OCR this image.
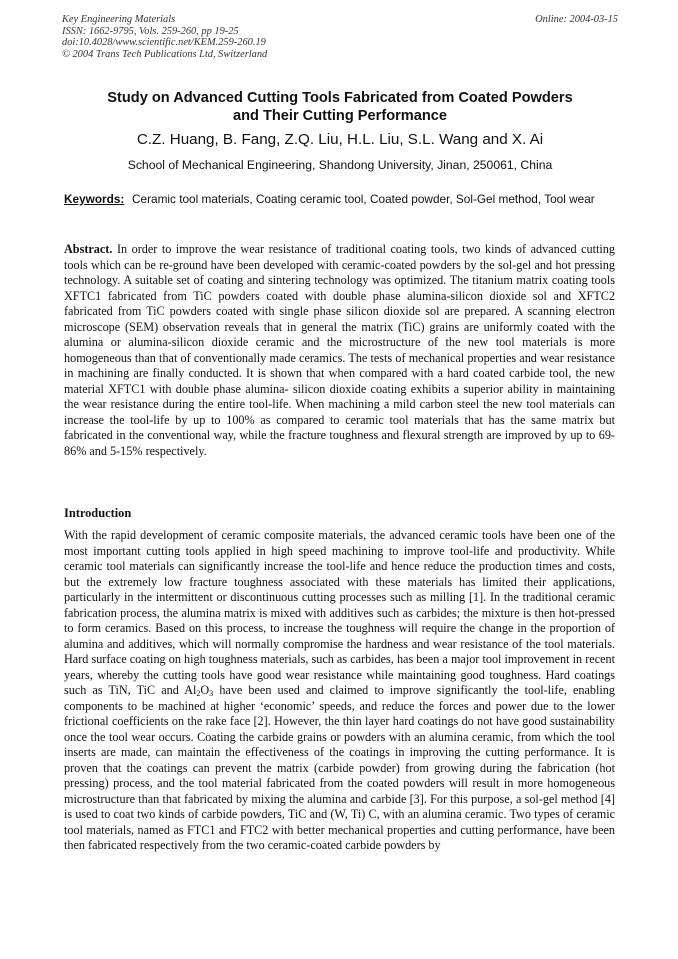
Key Engineering Materials
ISSN: 1662-9795, Vols. 259-260, pp 19-25
doi:10.4028/www.scientific.net/KEM.259-260.19
© 2004 Trans Tech Publications Ltd, Switzerland
Online: 2004-03-15
Study on Advanced Cutting Tools Fabricated from Coated Powders
and Their Cutting Performance
C.Z. Huang, B. Fang, Z.Q. Liu, H.L. Liu, S.L. Wang and X. Ai
School of Mechanical Engineering, Shandong University, Jinan, 250061, China
Keywords: Ceramic tool materials, Coating ceramic tool, Coated powder, Sol-Gel method, Tool wear
Abstract. In order to improve the wear resistance of traditional coating tools, two kinds of advanced cutting tools which can be re-ground have been developed with ceramic-coated powders by the sol-gel and hot pressing technology. A suitable set of coating and sintering technology was optimized. The titanium matrix coating tools XFTC1 fabricated from TiC powders coated with double phase alumina-silicon dioxide sol and XFTC2 fabricated from TiC powders coated with single phase silicon dioxide sol are prepared. A scanning electron microscope (SEM) observation reveals that in general the matrix (TiC) grains are uniformly coated with the alumina or alumina-silicon dioxide ceramic and the microstructure of the new tool materials is more homogeneous than that of conventionally made ceramics. The tests of mechanical properties and wear resistance in machining are finally conducted. It is shown that when compared with a hard coated carbide tool, the new material XFTC1 with double phase alumina- silicon dioxide coating exhibits a superior ability in maintaining the wear resistance during the entire tool-life. When machining a mild carbon steel the new tool materials can increase the tool-life by up to 100% as compared to ceramic tool materials that has the same matrix but fabricated in the conventional way, while the fracture toughness and flexural strength are improved by up to 69-86% and 5-15% respectively.
Introduction
With the rapid development of ceramic composite materials, the advanced ceramic tools have been one of the most important cutting tools applied in high speed machining to improve tool-life and productivity. While ceramic tool materials can significantly increase the tool-life and hence reduce the production times and costs, but the extremely low fracture toughness associated with these materials has limited their applications, particularly in the intermittent or discontinuous cutting processes such as milling [1]. In the traditional ceramic fabrication process, the alumina matrix is mixed with additives such as carbides; the mixture is then hot-pressed to form ceramics. Based on this process, to increase the toughness will require the change in the proportion of alumina and additives, which will normally compromise the hardness and wear resistance of the tool materials. Hard surface coating on high toughness materials, such as carbides, has been a major tool improvement in recent years, whereby the cutting tools have good wear resistance while maintaining good toughness. Hard coatings such as TiN, TiC and $Al_2O_3$ have been used and claimed to improve significantly the tool-life, enabling components to be machined at higher ‘economic’ speeds, and reduce the forces and power due to the lower frictional coefficients on the rake face [2]. However, the thin layer hard coatings do not have good sustainability once the tool wear occurs. Coating the carbide grains or powders with an alumina ceramic, from which the tool inserts are made, can maintain the effectiveness of the coatings in improving the cutting performance. It is proven that the coatings can prevent the matrix (carbide powder) from growing during the fabrication (hot pressing) process, and the tool material fabricated from the coated powders will result in more homogeneous microstructure than that fabricated by mixing the alumina and carbide [3]. For this purpose, a sol-gel method [4] is used to coat two kinds of carbide powders, TiC and (W, Ti) C, with an alumina ceramic. Two types of ceramic tool materials, named as FTC1 and FTC2 with better mechanical properties and cutting performance, have been then fabricated respectively from the two ceramic-coated carbide powders by
